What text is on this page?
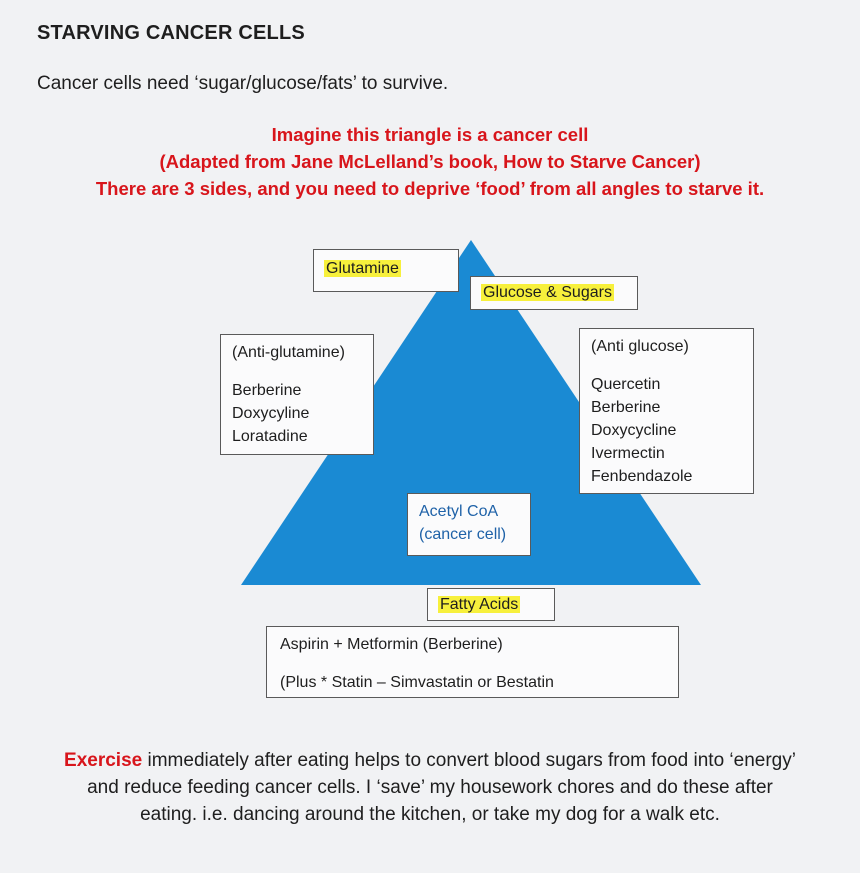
STARVING CANCER CELLS
Cancer cells need ‘sugar/glucose/fats’ to survive.
Imagine this triangle is a cancer cell
(Adapted from Jane McLelland’s book, How to Starve Cancer)
There are 3 sides, and you need to deprive ‘food’ from all angles to starve it.
Glutamine
Glucose & Sugars
(Anti-glutamine)
Berberine
Doxycyline
Loratadine
(Anti glucose)
Quercetin
Berberine
Doxycycline
Ivermectin
Fenbendazole
Acetyl CoA
(cancer cell)
Fatty Acids
Aspirin + Metformin (Berberine)
(Plus * Statin – Simvastatin or Bestatin
Exercise immediately after eating helps to convert blood sugars from food into ‘energy’
and reduce feeding cancer cells. I ‘save’ my housework chores and do these after
eating. i.e. dancing around the kitchen, or take my dog for a walk etc.
